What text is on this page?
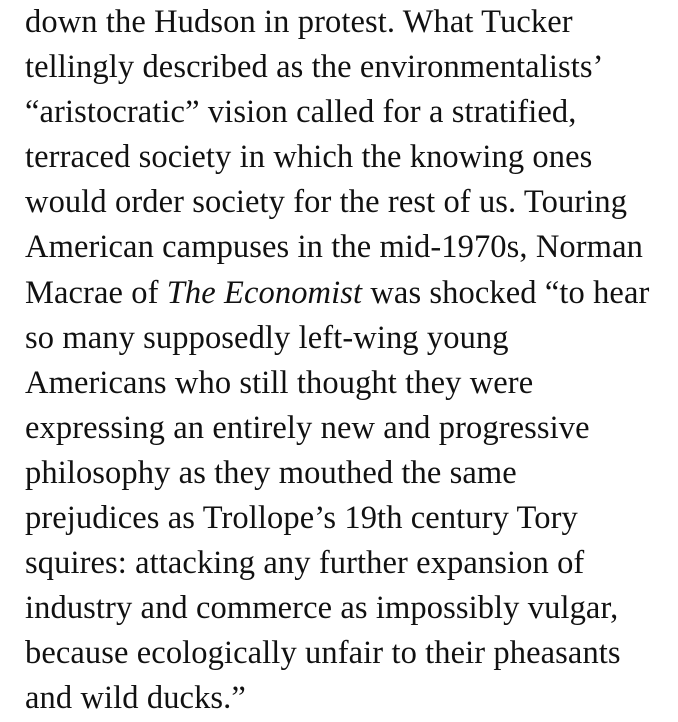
down the Hudson in protest. What Tucker
tellingly described as the environmentalists’
“aristocratic” vision called for a stratified,
terraced society in which the knowing ones
would order society for the rest of us. Touring
American campuses in the mid-1970s, Norman
Macrae of The Economist was shocked “to hear
so many supposedly left-wing young
Americans who still thought they were
expressing an entirely new and progressive
philosophy as they mouthed the same
prejudices as Trollope’s 19th century Tory
squires: attacking any further expansion of
industry and commerce as impossibly vulgar,
because ecologically unfair to their pheasants
and wild ducks.”
